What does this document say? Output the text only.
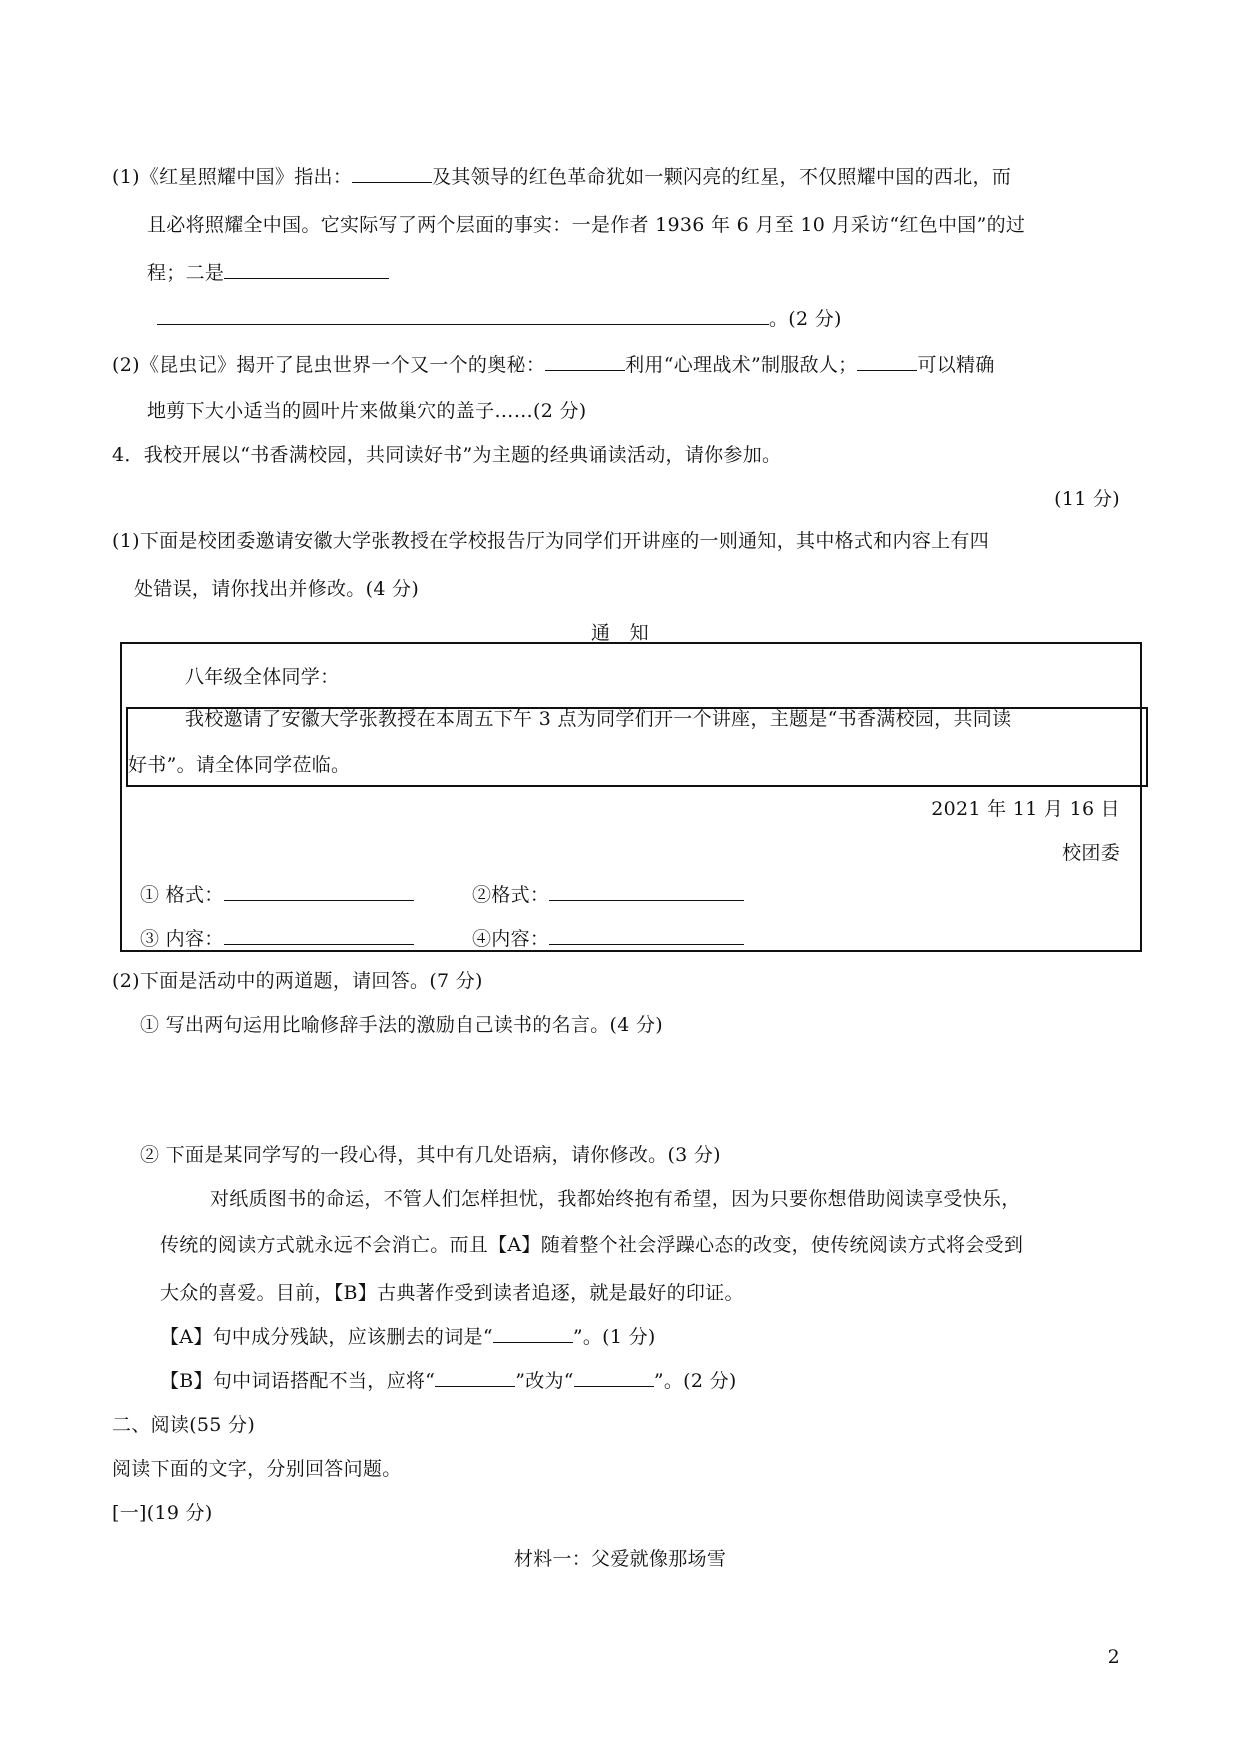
(1)《红星照耀中国》指出：	及其领导的红色革命犹如一颗闪亮的红星，不仅照耀中国的西北，而
且必将照耀全中国。它实际写了两个层面的事实：一是作者 1936 年 6 月至 10 月采访“红色中国”的过
程；二是
。(2 分)
(2)《昆虫记》揭开了昆虫世界一个又一个的奥秘：	利用“心理战术”制服敌人；	可以精确
地剪下大小适当的圆叶片来做巢穴的盖子……(2 分)
4．我校开展以“书香满校园，共同读好书”为主题的经典诵读活动，请你参加。
(11 分)
(1)下面是校团委邀请安徽大学张教授在学校报告厅为同学们开讲座的一则通知，其中格式和内容上有四
处错误，请你找出并修改。(4 分)
通　知
八年级全体同学：
我校邀请了安徽大学张教授在本周五下午 3 点为同学们开一个讲座，主题是“书香满校园，共同读
好书”。请全体同学莅临。
2021 年 11 月 16 日
校团委
① 格式：	②格式：
③ 内容：	④内容：
(2)下面是活动中的两道题，请回答。(7 分)
① 写出两句运用比喻修辞手法的激励自己读书的名言。(4 分)
② 下面是某同学写的一段心得，其中有几处语病，请你修改。(3 分)
对纸质图书的命运，不管人们怎样担忧，我都始终抱有希望，因为只要你想借助阅读享受快乐，
传统的阅读方式就永远不会消亡。而且【A】随着整个社会浮躁心态的改变，使传统阅读方式将会受到
大众的喜爱。目前，【B】古典著作受到读者追逐，就是最好的印证。
【A】句中成分残缺，应该删去的词是“	”。(1 分)
【B】句中词语搭配不当，应将“	”改为“	”。(2 分)
二、阅读(55 分)
阅读下面的文字，分别回答问题。
[一](19 分)
材料一：父爱就像那场雪
2
